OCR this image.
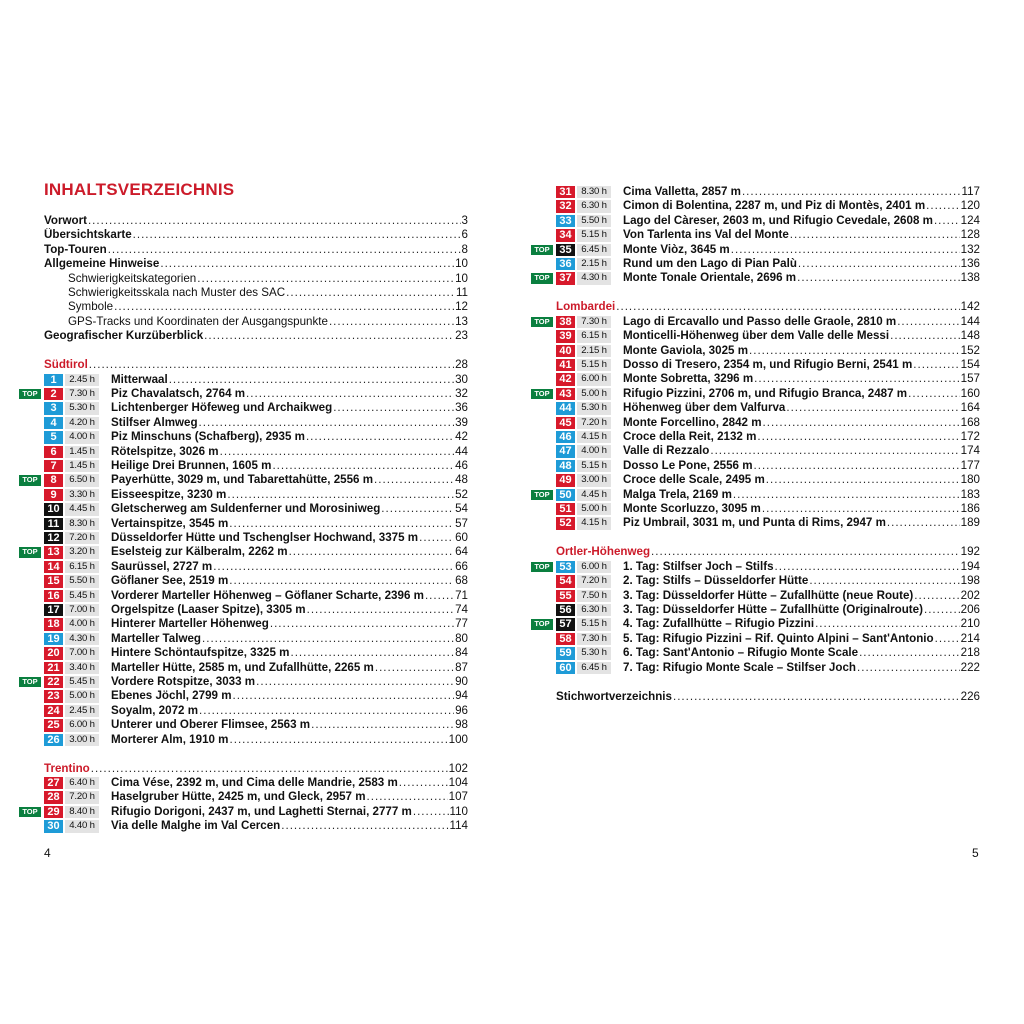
INHALTSVERZEICHNIS
Vorwort .....	3
Übersichtskarte .....	6
Top-Touren .....	8
Allgemeine Hinweise .....	10
Schwierigkeitskategorien .....	10
Schwierigkeitsskala nach Muster des SAC .....	11
Symbole .....	12
GPS-Tracks und Koordinaten der Ausgangspunkte .....	13
Geografischer Kurzüberblick .....	23
Südtirol .....	28
1	2.45 h	Mitterwaal .....	30
TOP	2	7.30 h	Piz Chavalatsch, 2764 m .....	32
3	5.30 h	Lichtenberger Höfeweg und Archaikweg .....	36
4	4.20 h	Stilfser Almweg .....	39
5	4.00 h	Piz Minschuns (Schafberg), 2935 m .....	42
6	1.45 h	Rötelspitze, 3026 m .....	44
7	1.45 h	Heilige Drei Brunnen, 1605 m .....	46
TOP	8	6.50 h	Payerhütte, 3029 m, und Tabarettahütte, 2556 m .....	48
9	3.30 h	Eisseespitze, 3230 m .....	52
10	4.45 h	Gletscherweg am Suldenferner und Morosiniweg .....	54
11	8.30 h	Vertainspitze, 3545 m .....	57
12	7.20 h	Düsseldorfer Hütte und Tschenglser Hochwand, 3375 m .....	60
TOP 13	3.20 h	Eselsteig zur Kälberalm, 2262 m .....	64
14	6.15 h	Saurüssel, 2727 m .....	66
15	5.50 h	Göflaner See, 2519 m .....	68
16	5.45 h	Vorderer Marteller Höhenweg – Göflaner Scharte, 2396 m .....	71
17	7.00 h	Orgelspitze (Laaser Spitze), 3305 m .....	74
18	4.00 h	Hinterer Marteller Höhenweg .....	77
19	4.30 h	Marteller Talweg .....	80
20	7.00 h	Hintere Schöntaufspitze, 3325 m .....	84
21	3.40 h	Marteller Hütte, 2585 m, und Zufallhütte, 2265 m .....	87
TOP 22	5.45 h	Vordere Rotspitze, 3033 m .....	90
23	5.00 h	Ebenes Jöchl, 2799 m .....	94
24	2.45 h	Soyalm, 2072 m .....	96
25	6.00 h	Unterer und Oberer Flimsee, 2563 m .....	98
26	3.00 h	Morterer Alm, 1910 m .....	100
Trentino .....	102
27	6.40 h	Cima Vése, 2392 m, und Cima delle Mandrie, 2583 m .....	104
28	7.20 h	Haselgruber Hütte, 2425 m, und Gleck, 2957 m .....	107
TOP 29	8.40 h	Rifugio Dorigoni, 2437 m, und Laghetti Sternai, 2777 m .....	110
30	4.40 h	Via delle Malghe im Val Cercen .....	114
31	8.30 h	Cima Valletta, 2857 m .....	117
32	6.30 h	Cimon di Bolentina, 2287 m, und Piz di Montès, 2401 m .....	120
33	5.50 h	Lago del Càreser, 2603 m, und Rifugio Cevedale, 2608 m ..... 124
34	5.15 h	Von Tarlenta ins Val del Monte .....	128
TOP 35	6.45 h	Monte Viòz, 3645 m .....	132
36	2.15 h	Rund um den Lago di Pian Palù .....	136
TOP 37	4.30 h	Monte Tonale Orientale, 2696 m .....	138
Lombardei .....	142
TOP 38	7.30 h	Lago di Ercavallo und Passo delle Graole, 2810 m .....	144
39	6.15 h	Monticelli-Höhenweg über dem Valle delle Messi .....	148
40	2.15 h	Monte Gaviola, 3025 m .....	152
41	5.15 h	Dosso di Tresero, 2354 m, und Rifugio Berni, 2541 m .....	154
42	6.00 h	Monte Sobretta, 3296 m .....	157
TOP 43	5.00 h	Rifugio Pizzini, 2706 m, und Rifugio Branca, 2487 m .....	160
44	5.30 h	Höhenweg über dem Valfurva .....	164
45	7.20 h	Monte Forcellino, 2842 m .....	168
46	4.15 h	Croce della Reit, 2132 m .....	172
47	4.00 h	Valle di Rezzalo .....	174
48	5.15 h	Dosso Le Pone, 2556 m .....	177
49	3.00 h	Croce delle Scale, 2495 m .....	180
TOP 50	4.45 h	Malga Trela, 2169 m .....	183
51	5.00 h	Monte Scorluzzo, 3095 m .....	186
52	4.15 h	Piz Umbrail, 3031 m, und Punta di Rims, 2947 m .....	189
Ortler-Höhenweg .....	192
TOP 53	6.00 h	1. Tag: Stilfser Joch – Stilfs .....	194
54	7.20 h	2. Tag: Stilfs – Düsseldorfer Hütte .....	198
55	7.50 h	3. Tag: Düsseldorfer Hütte – Zufallhütte (neue Route) .....	202
56	6.30 h	3. Tag: Düsseldorfer Hütte – Zufallhütte (Originalroute) .....	206
TOP 57	5.15 h	4. Tag: Zufallhütte – Rifugio Pizzini .....	210
58	7.30 h	5. Tag: Rifugio Pizzini – Rif. Quinto Alpini – Sant'Antonio ..... 214
59	5.30 h	6. Tag: Sant'Antonio – Rifugio Monte Scale .....	218
60	6.45 h	7. Tag: Rifugio Monte Scale – Stilfser Joch .....	222
Stichwortverzeichnis .....	226
4	5
